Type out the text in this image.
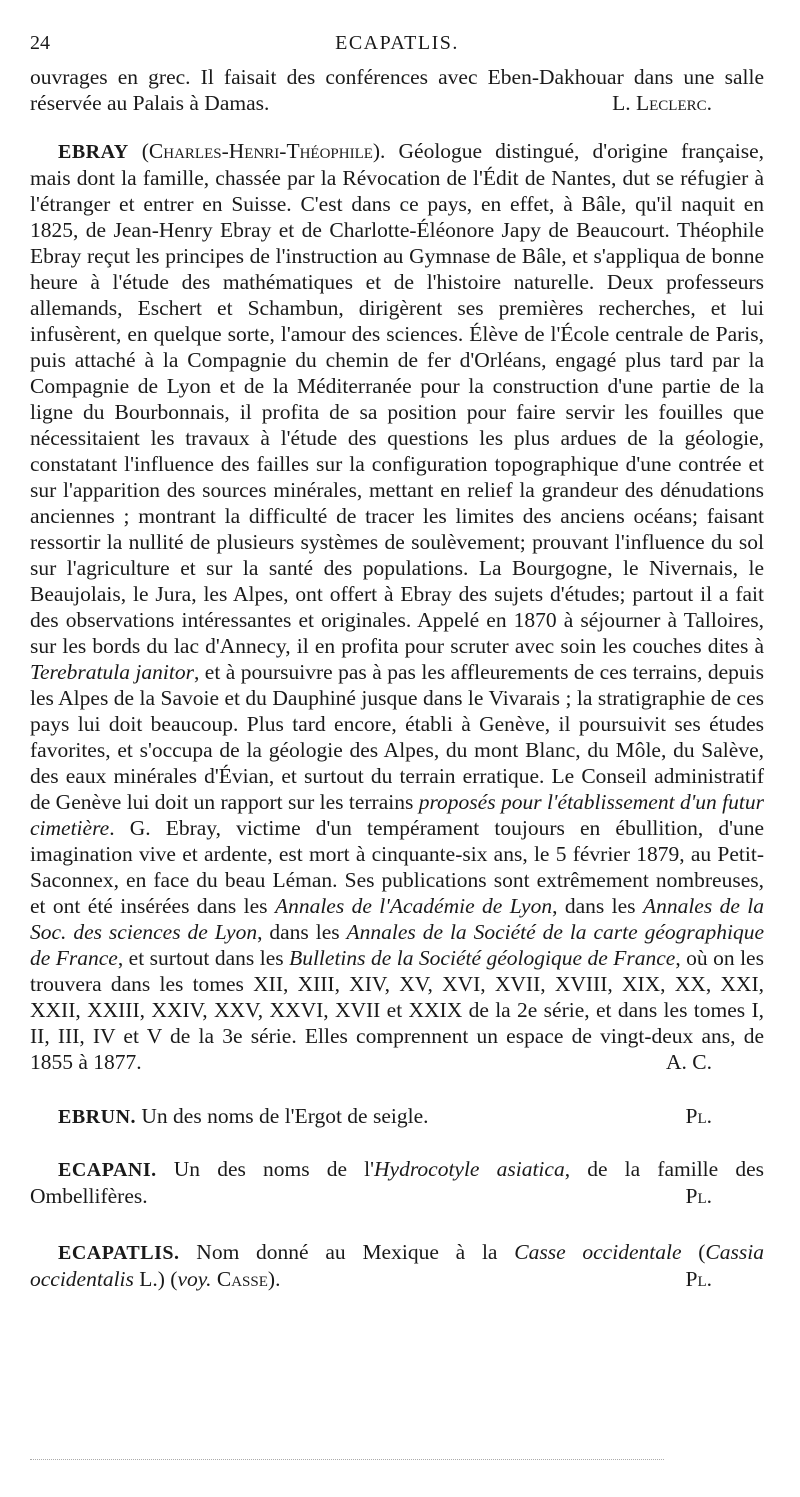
24	ECAPATLIS.

ouvrages en grec. Il faisait des conférences avec Eben-Dakhouar dans une salle réservée au Palais à Damas.	L. Leclerc.

EBRAY (Charles-Henri-Théophile). Géologue distingué, d'origine française, mais dont la famille, chassée par la Révocation de l'Édit de Nantes, dut se réfugier à l'étranger et entrer en Suisse. C'est dans ce pays, en effet, à Bâle, qu'il naquit en 1825, de Jean-Henry Ebray et de Charlotte-Éléonore Japy de Beaucourt. Théophile Ebray reçut les principes de l'instruction au Gymnase de Bâle, et s'appliqua de bonne heure à l'étude des mathématiques et de l'histoire naturelle. Deux professeurs allemands, Eschert et Schambun, dirigèrent ses premières recherches, et lui infusèrent, en quelque sorte, l'amour des sciences. Élève de l'École centrale de Paris, puis attaché à la Compagnie du chemin de fer d'Orléans, engagé plus tard par la Compagnie de Lyon et de la Méditerranée pour la construction d'une partie de la ligne du Bourbonnais, il profita de sa position pour faire servir les fouilles que nécessitaient les travaux à l'étude des questions les plus ardues de la géologie, constatant l'influence des failles sur la configuration topographique d'une contrée et sur l'apparition des sources minérales, mettant en relief la grandeur des dénudations anciennes ; montrant la difficulté de tracer les limites des anciens océans; faisant ressortir la nullité de plusieurs systèmes de soulèvement; prouvant l'influence du sol sur l'agriculture et sur la santé des populations. La Bourgogne, le Nivernais, le Beaujolais, le Jura, les Alpes, ont offert à Ebray des sujets d'études; partout il a fait des observations intéressantes et originales. Appelé en 1870 à séjourner à Talloires, sur les bords du lac d'Annecy, il en profita pour scruter avec soin les couches dites à Terebratula janitor, et à poursuivre pas à pas les affleurements de ces terrains, depuis les Alpes de la Savoie et du Dauphiné jusque dans le Vivarais ; la stratigraphie de ces pays lui doit beaucoup. Plus tard encore, établi à Genève, il poursuivit ses études favorites, et s'occupa de la géologie des Alpes, du mont Blanc, du Môle, du Salève, des eaux minérales d'Évian, et surtout du terrain erratique. Le Conseil administratif de Genève lui doit un rapport sur les terrains proposés pour l'établissement d'un futur cimetière. G. Ebray, victime d'un tempérament toujours en ébullition, d'une imagination vive et ardente, est mort à cinquante-six ans, le 5 février 1879, au Petit-Saconnex, en face du beau Léman. Ses publications sont extrêmement nombreuses, et ont été insérées dans les Annales de l'Académie de Lyon, dans les Annales de la Soc. des sciences de Lyon, dans les Annales de la Société de la carte géographique de France, et surtout dans les Bulletins de la Société géologique de France, où on les trouvera dans les tomes XII, XIII, XIV, XV, XVI, XVII, XVIII, XIX, XX, XXI, XXII, XXIII, XXIV, XXV, XXVI, XVII et XXIX de la 2e série, et dans les tomes I, II, III, IV et V de la 3e série. Elles comprennent un espace de vingt-deux ans, de 1855 à 1877.	A. C.

EBRUN. Un des noms de l'Ergot de seigle.	Pl.

ECAPANI. Un des noms de l'Hydrocotyle asiatica, de la famille des Ombellifères.	Pl.

ECAPATLIS. Nom donné au Mexique à la Casse occidentale (Cassia occidentalis L.) (voy. Casse).	Pl.
